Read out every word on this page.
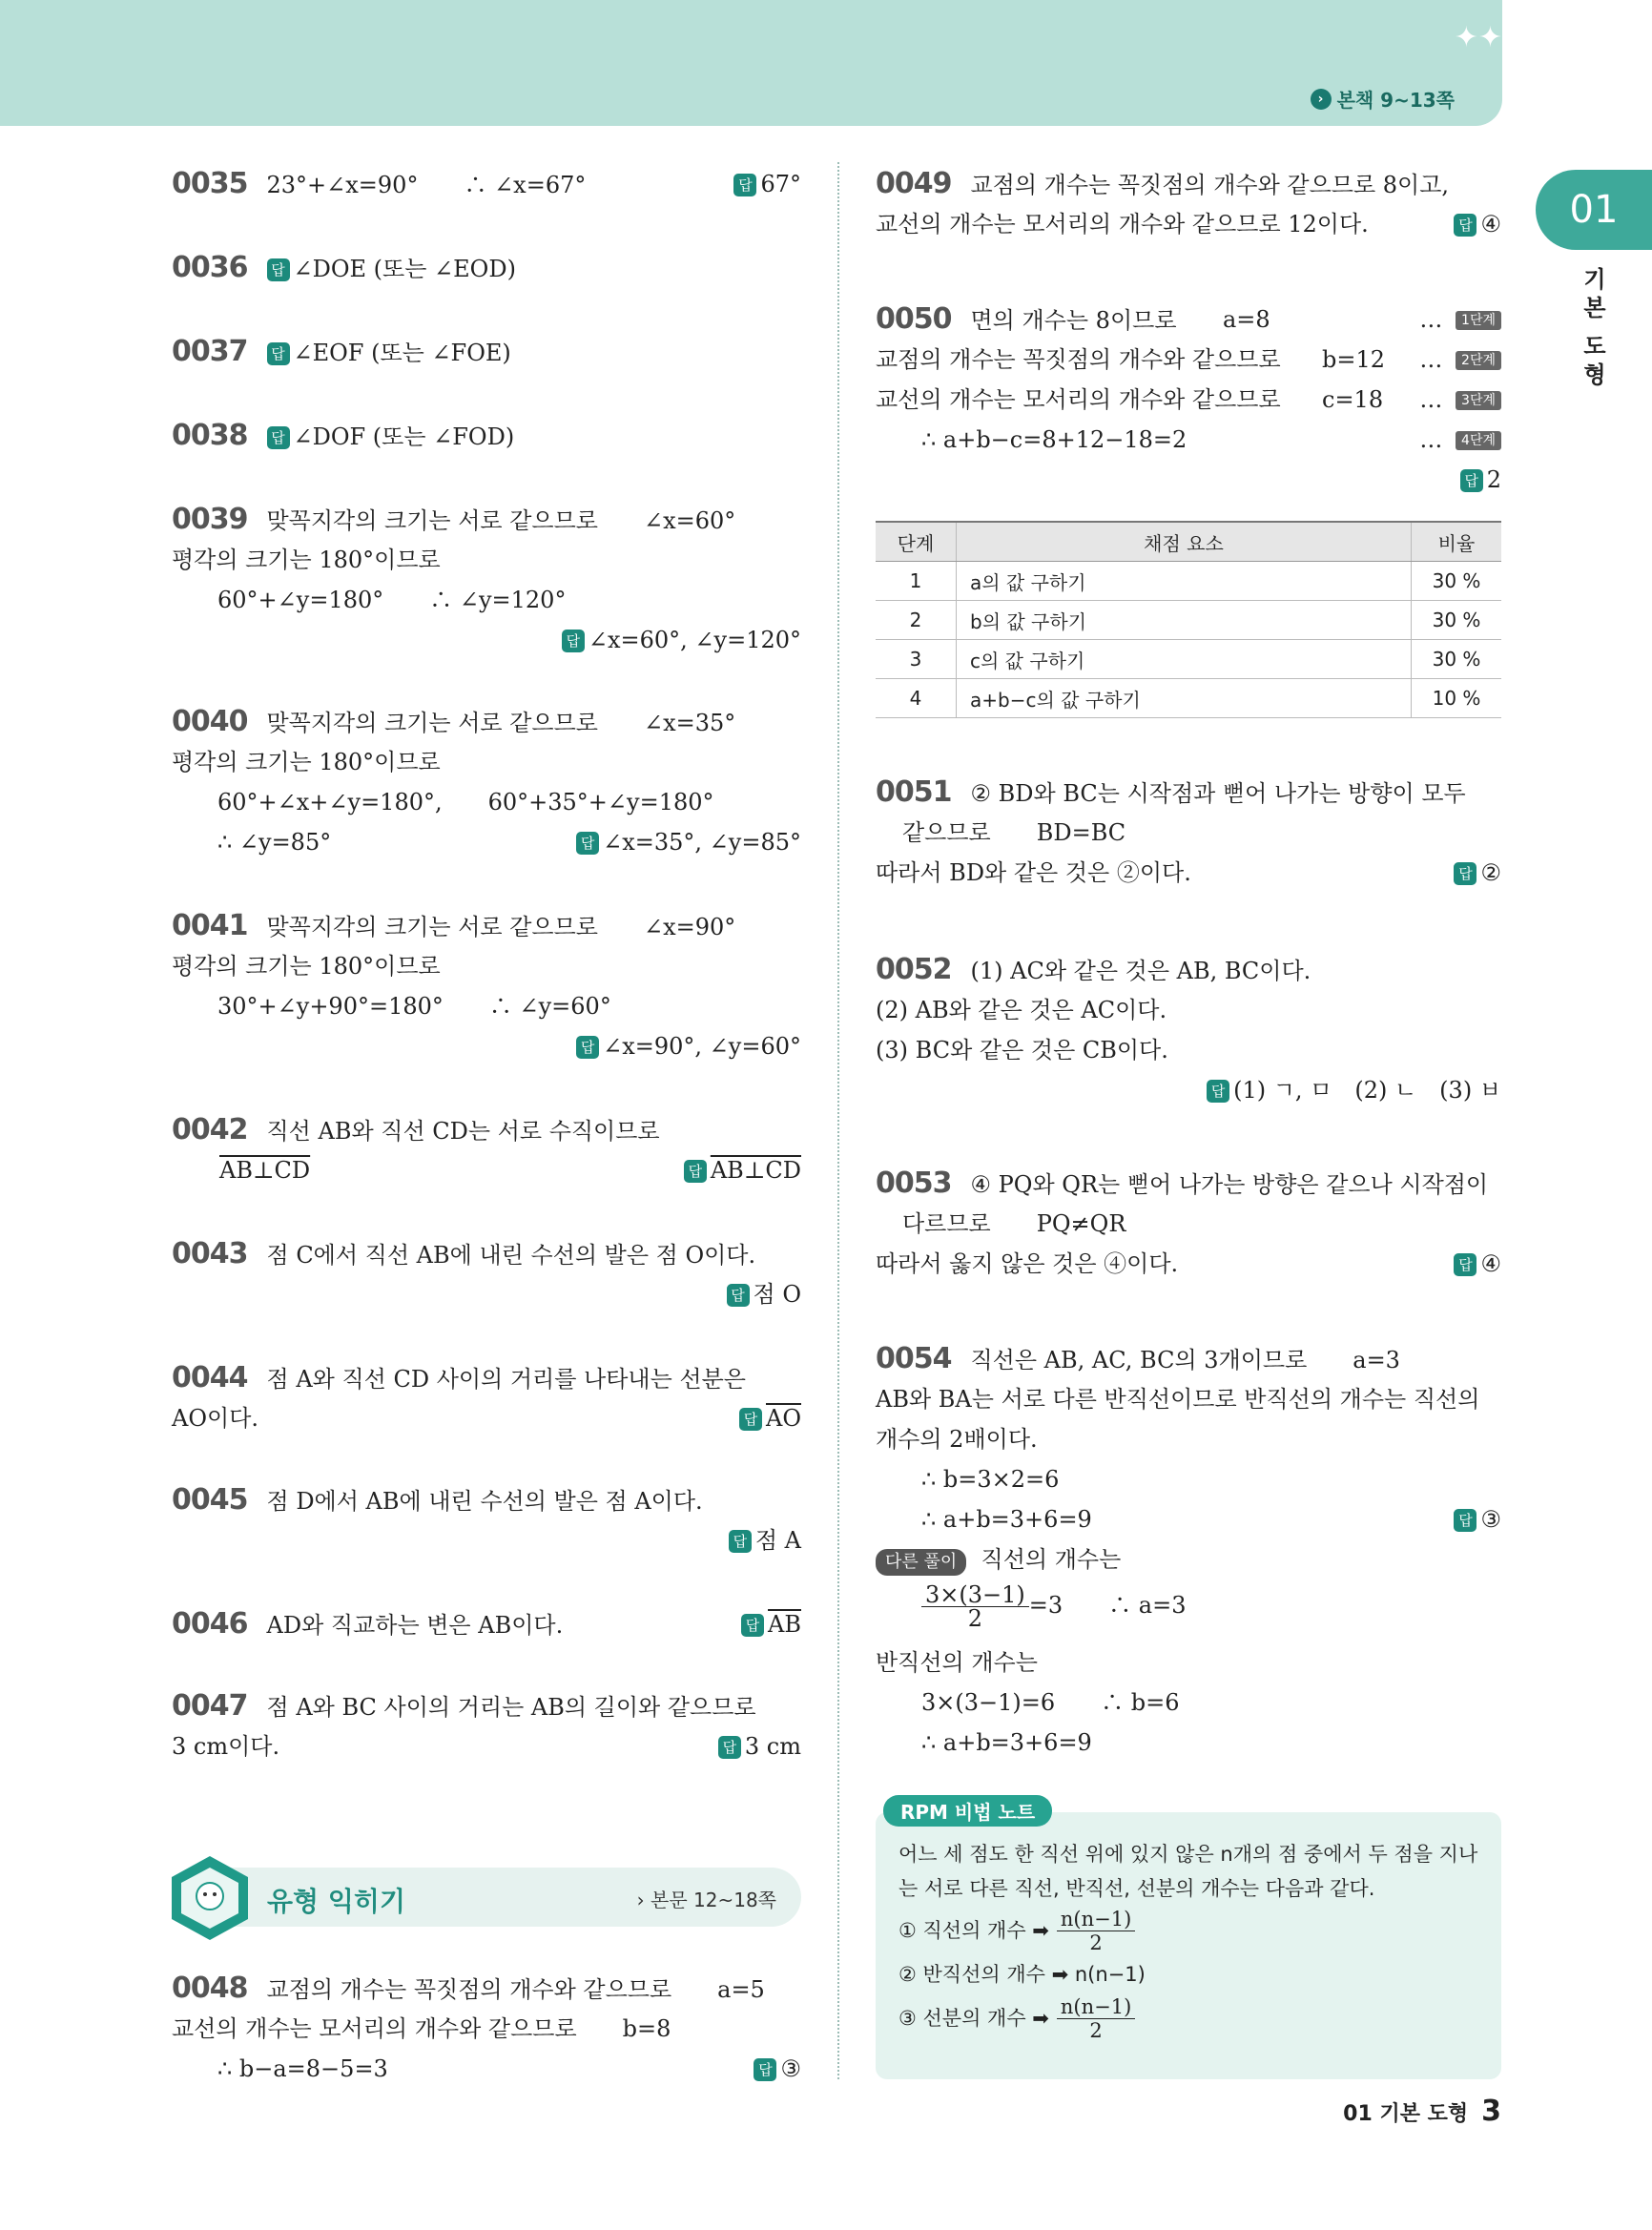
✦✦
› 본책 9~13쪽
01
기
본

도
형
0035 23°+∠x=90°　　∴ ∠x=67°	답 67°
0036 답 ∠DOE (또는 ∠EOD)
0037 답 ∠EOF (또는 ∠FOE)
0038 답 ∠DOF (또는 ∠FOD)
0039 맞꼭지각의 크기는 서로 같으므로　　∠x=60°
평각의 크기는 180°이므로
60°+∠y=180°　　∴ ∠y=120°
답 ∠x=60°, ∠y=120°
0040 맞꼭지각의 크기는 서로 같으므로　　∠x=35°
평각의 크기는 180°이므로
60°+∠x+∠y=180°,　　60°+35°+∠y=180°
∴ ∠y=85°	답 ∠x=35°, ∠y=85°
0041 맞꼭지각의 크기는 서로 같으므로　　∠x=90°
평각의 크기는 180°이므로
30°+∠y+90°=180°　　∴ ∠y=60°
답 ∠x=90°, ∠y=60°
0042 직선 AB와 직선 CD는 서로 수직이므로
AB⊥CD	답 AB⊥CD
0043 점 C에서 직선 AB에 내린 수선의 발은 점 O이다.
답 점 O
0044 점 A와 직선 CD 사이의 거리를 나타내는 선분은
AO이다.	답 $\overline{AO}$
0045 점 D에서 AB에 내린 수선의 발은 점 A이다.
답 점 A
0046 AD와 직교하는 변은 AB이다.	답 $\overline{AB}$
0047 점 A와 BC 사이의 거리는 AB의 길이와 같으므로
3 cm이다.	답 3 cm
유형 익히기	› 본문 12~18쪽
0048 교점의 개수는 꼭짓점의 개수와 같으므로　　a=5
교선의 개수는 모서리의 개수와 같으므로　　b=8
∴ b−a=8−5=3	답 ③
0049 교점의 개수는 꼭짓점의 개수와 같으므로 8이고,
교선의 개수는 모서리의 개수와 같으므로 12이다.	답 ④
0050 면의 개수는 8이므로 a=8	… 1단계
교점의 개수는 꼭짓점의 개수와 같으므로 b=12 … 2단계
교선의 개수는 모서리의 개수와 같으므로 c=18 … 3단계
∴ a+b−c=8+12−18=2	… 4단계
답 2
단계	채점 요소	비율
1	a의 값 구하기	30 %
2	b의 값 구하기	30 %
3	c의 값 구하기	30 %
4	a+b−c의 값 구하기	10 %
0051 ② BD와 BC는 시작점과 뻗어 나가는 방향이 모두
같으므로　　BD=BC
따라서 BD와 같은 것은 ②이다.	답 ②
0052 (1) AC와 같은 것은 AB, BC이다.
(2) AB와 같은 것은 AC이다.
(3) BC와 같은 것은 CB이다.
답 (1) ㄱ, ㅁ　(2) ㄴ　(3) ㅂ
0053 ④ PQ와 QR는 뻗어 나가는 방향은 같으나 시작점이
다르므로　　PQ≠QR
따라서 옳지 않은 것은 ④이다.	답 ④
0054 직선은 AB, AC, BC의 3개이므로　　a=3
AB와 BA는 서로 다른 반직선이므로 반직선의 개수는 직선의
개수의 2배이다.
∴ b=3×2=6
∴ a+b=3+6=9	답 ③
다른 풀이 직선의 개수는
$\frac{3\times(3-1)}{2} =3$　　∴ a=3
반직선의 개수는
3×(3−1)=6　　∴ b=6
∴ a+b=3+6=9
RPM 비법 노트
어느 세 점도 한 직선 위에 있지 않은 n개의 점 중에서 두 점을 지나
는 서로 다른 직선, 반직선, 선분의 개수는 다음과 같다.
① 직선의 개수 ➡ $\frac{n(n-1)}{2}$
② 반직선의 개수 ➡ n(n−1)
③ 선분의 개수 ➡ $\frac{n(n-1)}{2}$
01 기본 도형 3
